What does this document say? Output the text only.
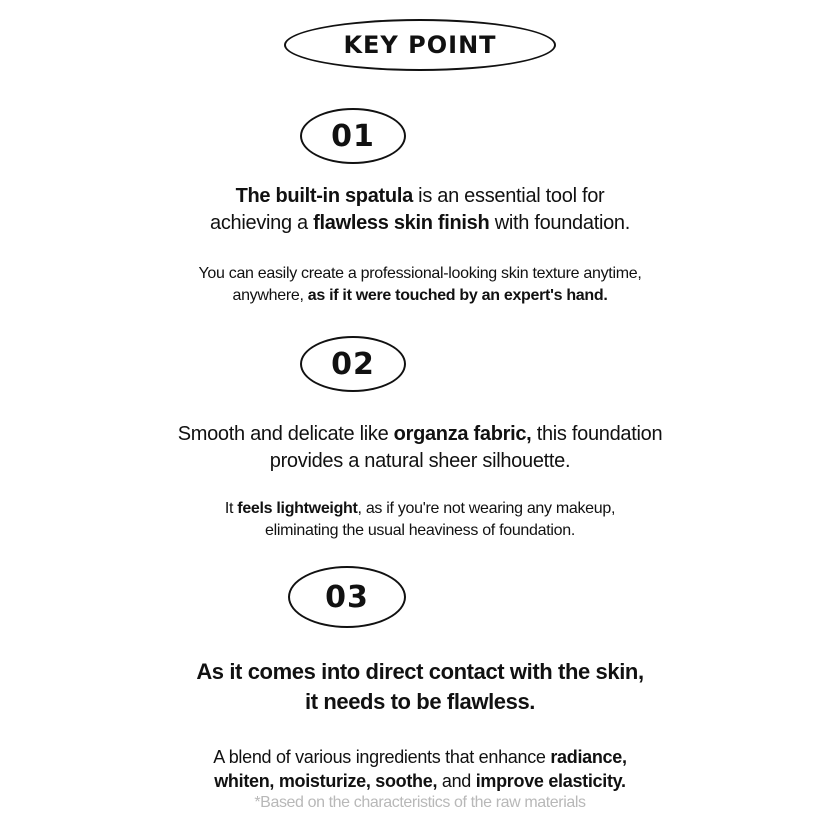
KEY POINT
01
The built-in spatula is an essential tool for
achieving a flawless skin finish with foundation.
You can easily create a professional-looking skin texture anytime,
anywhere, as if it were touched by an expert's hand.
02
Smooth and delicate like organza fabric, this foundation
provides a natural sheer silhouette.
It feels lightweight, as if you're not wearing any makeup,
eliminating the usual heaviness of foundation.
03
As it comes into direct contact with the skin,
it needs to be flawless.
A blend of various ingredients that enhance radiance,
whiten, moisturize, soothe, and improve elasticity.
*Based on the characteristics of the raw materials
